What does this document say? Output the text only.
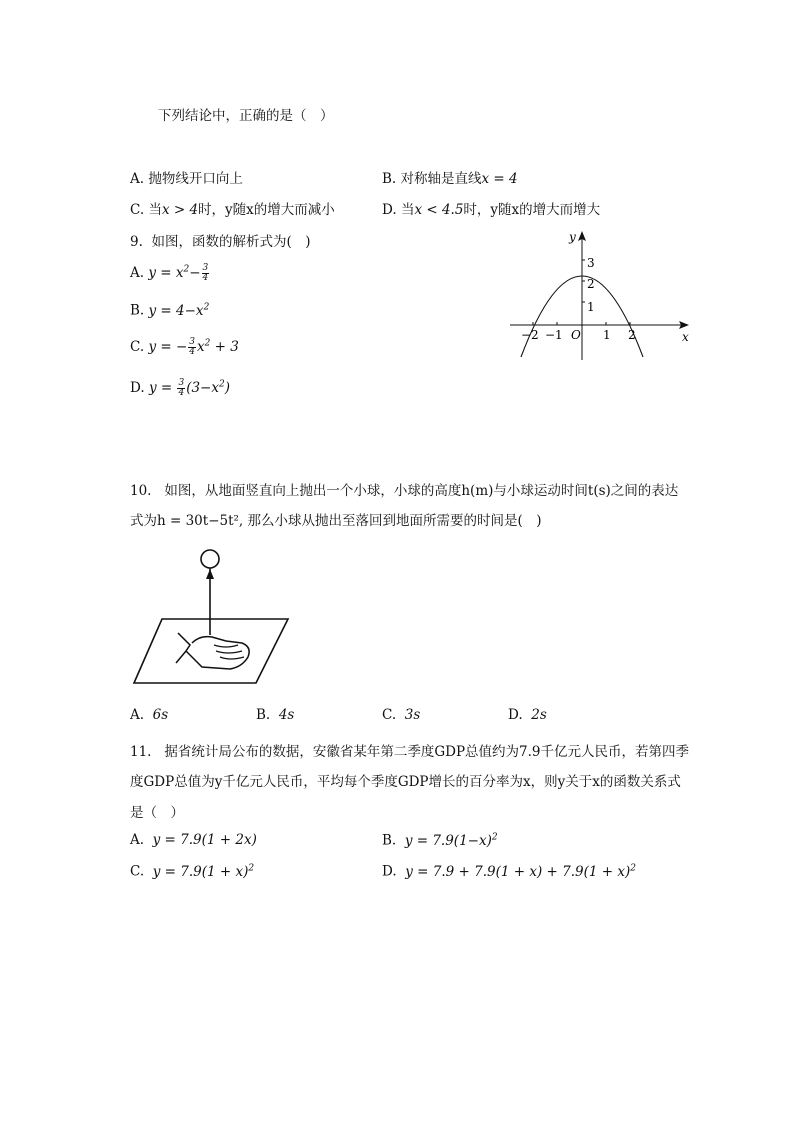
下列结论中，正确的是（　）
A. 抛物线开口向上	B. 对称轴是直线x = 4
C. 当x > 4时，y随x的增大而减小	D. 当x < 4.5时，y随x的增大而增大
9. 如图，函数的解析式为(　)
A. $y = x^2- \frac{3}{4}$
B. $y = 4-x^2$
C. y = − $\frac{3}{4} x^2 + 3$
D. $y = \frac{3}{4} (3-x^2)$
y
x
O
−2 −1	1 2
1
2
3
10. 如图，从地面竖直向上抛出一个小球，小球的高度h(m)与小球运动时间t(s)之间的表达
式为h = 30t−5t², 那么小球从抛出至落回到地面所需要的时间是(　)
A. 6s	B. 4s	C. 3s	D. 2s
11. 据省统计局公布的数据，安徽省某年第二季度GDP总值约为7.9千亿元人民币，若第四季
度GDP总值为y千亿元人民币，平均每个季度GDP增长的百分率为x，则y关于x的函数关系式
是（　）
A. y = 7.9(1 + 2x)	B. $y = 7.9(1-x)^2$
C. $y = 7.9(1 + x)^2$	D. $y = 7.9 + 7.9(1 + x) + 7.9(1 + x)^2$
